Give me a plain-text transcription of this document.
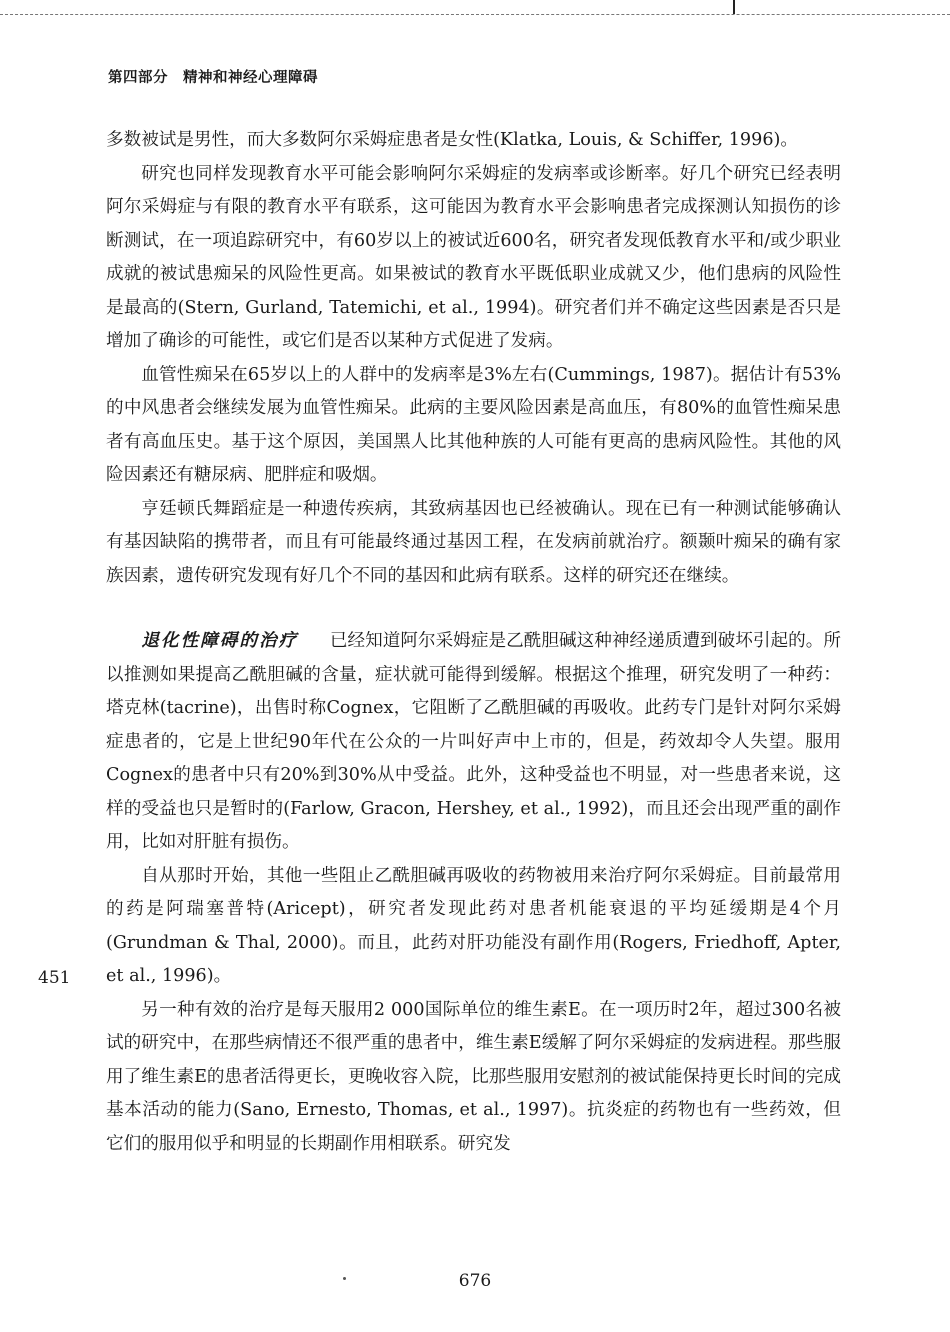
第四部分　精神和神经心理障碍

多数被试是男性，而大多数阿尔采姆症患者是女性(Klatka, Louis, & Schiffer, 1996)。

研究也同样发现教育水平可能会影响阿尔采姆症的发病率或诊断率。好几个研究已经表明阿尔采姆症与有限的教育水平有联系，这可能因为教育水平会影响患者完成探测认知损伤的诊断测试，在一项追踪研究中，有60岁以上的被试近600名，研究者发现低教育水平和/或少职业成就的被试患痴呆的风险性更高。如果被试的教育水平既低职业成就又少，他们患病的风险性是最高的(Stern, Gurland, Tatemichi, et al., 1994)。研究者们并不确定这些因素是否只是增加了确诊的可能性，或它们是否以某种方式促进了发病。

血管性痴呆在65岁以上的人群中的发病率是3%左右(Cummings, 1987)。据估计有53%的中风患者会继续发展为血管性痴呆。此病的主要风险因素是高血压，有80%的血管性痴呆患者有高血压史。基于这个原因，美国黑人比其他种族的人可能有更高的患病风险性。其他的风险因素还有糖尿病、肥胖症和吸烟。

亨廷顿氏舞蹈症是一种遗传疾病，其致病基因也已经被确认。现在已有一种测试能够确认有基因缺陷的携带者，而且有可能最终通过基因工程，在发病前就治疗。额颞叶痴呆的确有家族因素，遗传研究发现有好几个不同的基因和此病有联系。这样的研究还在继续。

退化性障碍的治疗 已经知道阿尔采姆症是乙酰胆碱这种神经递质遭到破坏引起的。所以推测如果提高乙酰胆碱的含量，症状就可能得到缓解。根据这个推理，研究发明了一种药：塔克林(tacrine)，出售时称Cognex，它阻断了乙酰胆碱的再吸收。此药专门是针对阿尔采姆症患者的，它是上世纪90年代在公众的一片叫好声中上市的，但是，药效却令人失望。服用Cognex的患者中只有20%到30%从中受益。此外，这种受益也不明显，对一些患者来说，这样的受益也只是暂时的(Farlow, Gracon, Hershey, et al., 1992)，而且还会出现严重的副作用，比如对肝脏有损伤。

自从那时开始，其他一些阻止乙酰胆碱再吸收的药物被用来治疗阿尔采姆症。目前最常用的药是阿瑞塞普特(Aricept)，研究者发现此药对患者机能衰退的平均延缓期是4个月(Grundman & Thal, 2000)。而且，此药对肝功能没有副作用(Rogers, Friedhoff, Apter, et al., 1996)。

另一种有效的治疗是每天服用2 000国际单位的维生素E。在一项历时2年，超过300名被试的研究中，在那些病情还不很严重的患者中，维生素E缓解了阿尔采姆症的发病进程。那些服用了维生素E的患者活得更长，更晚收容入院，比那些服用安慰剂的被试能保持更长时间的完成基本活动的能力(Sano, Ernesto, Thomas, et al., 1997)。抗炎症的药物也有一些药效，但它们的服用似乎和明显的长期副作用相联系。研究发

451
676
